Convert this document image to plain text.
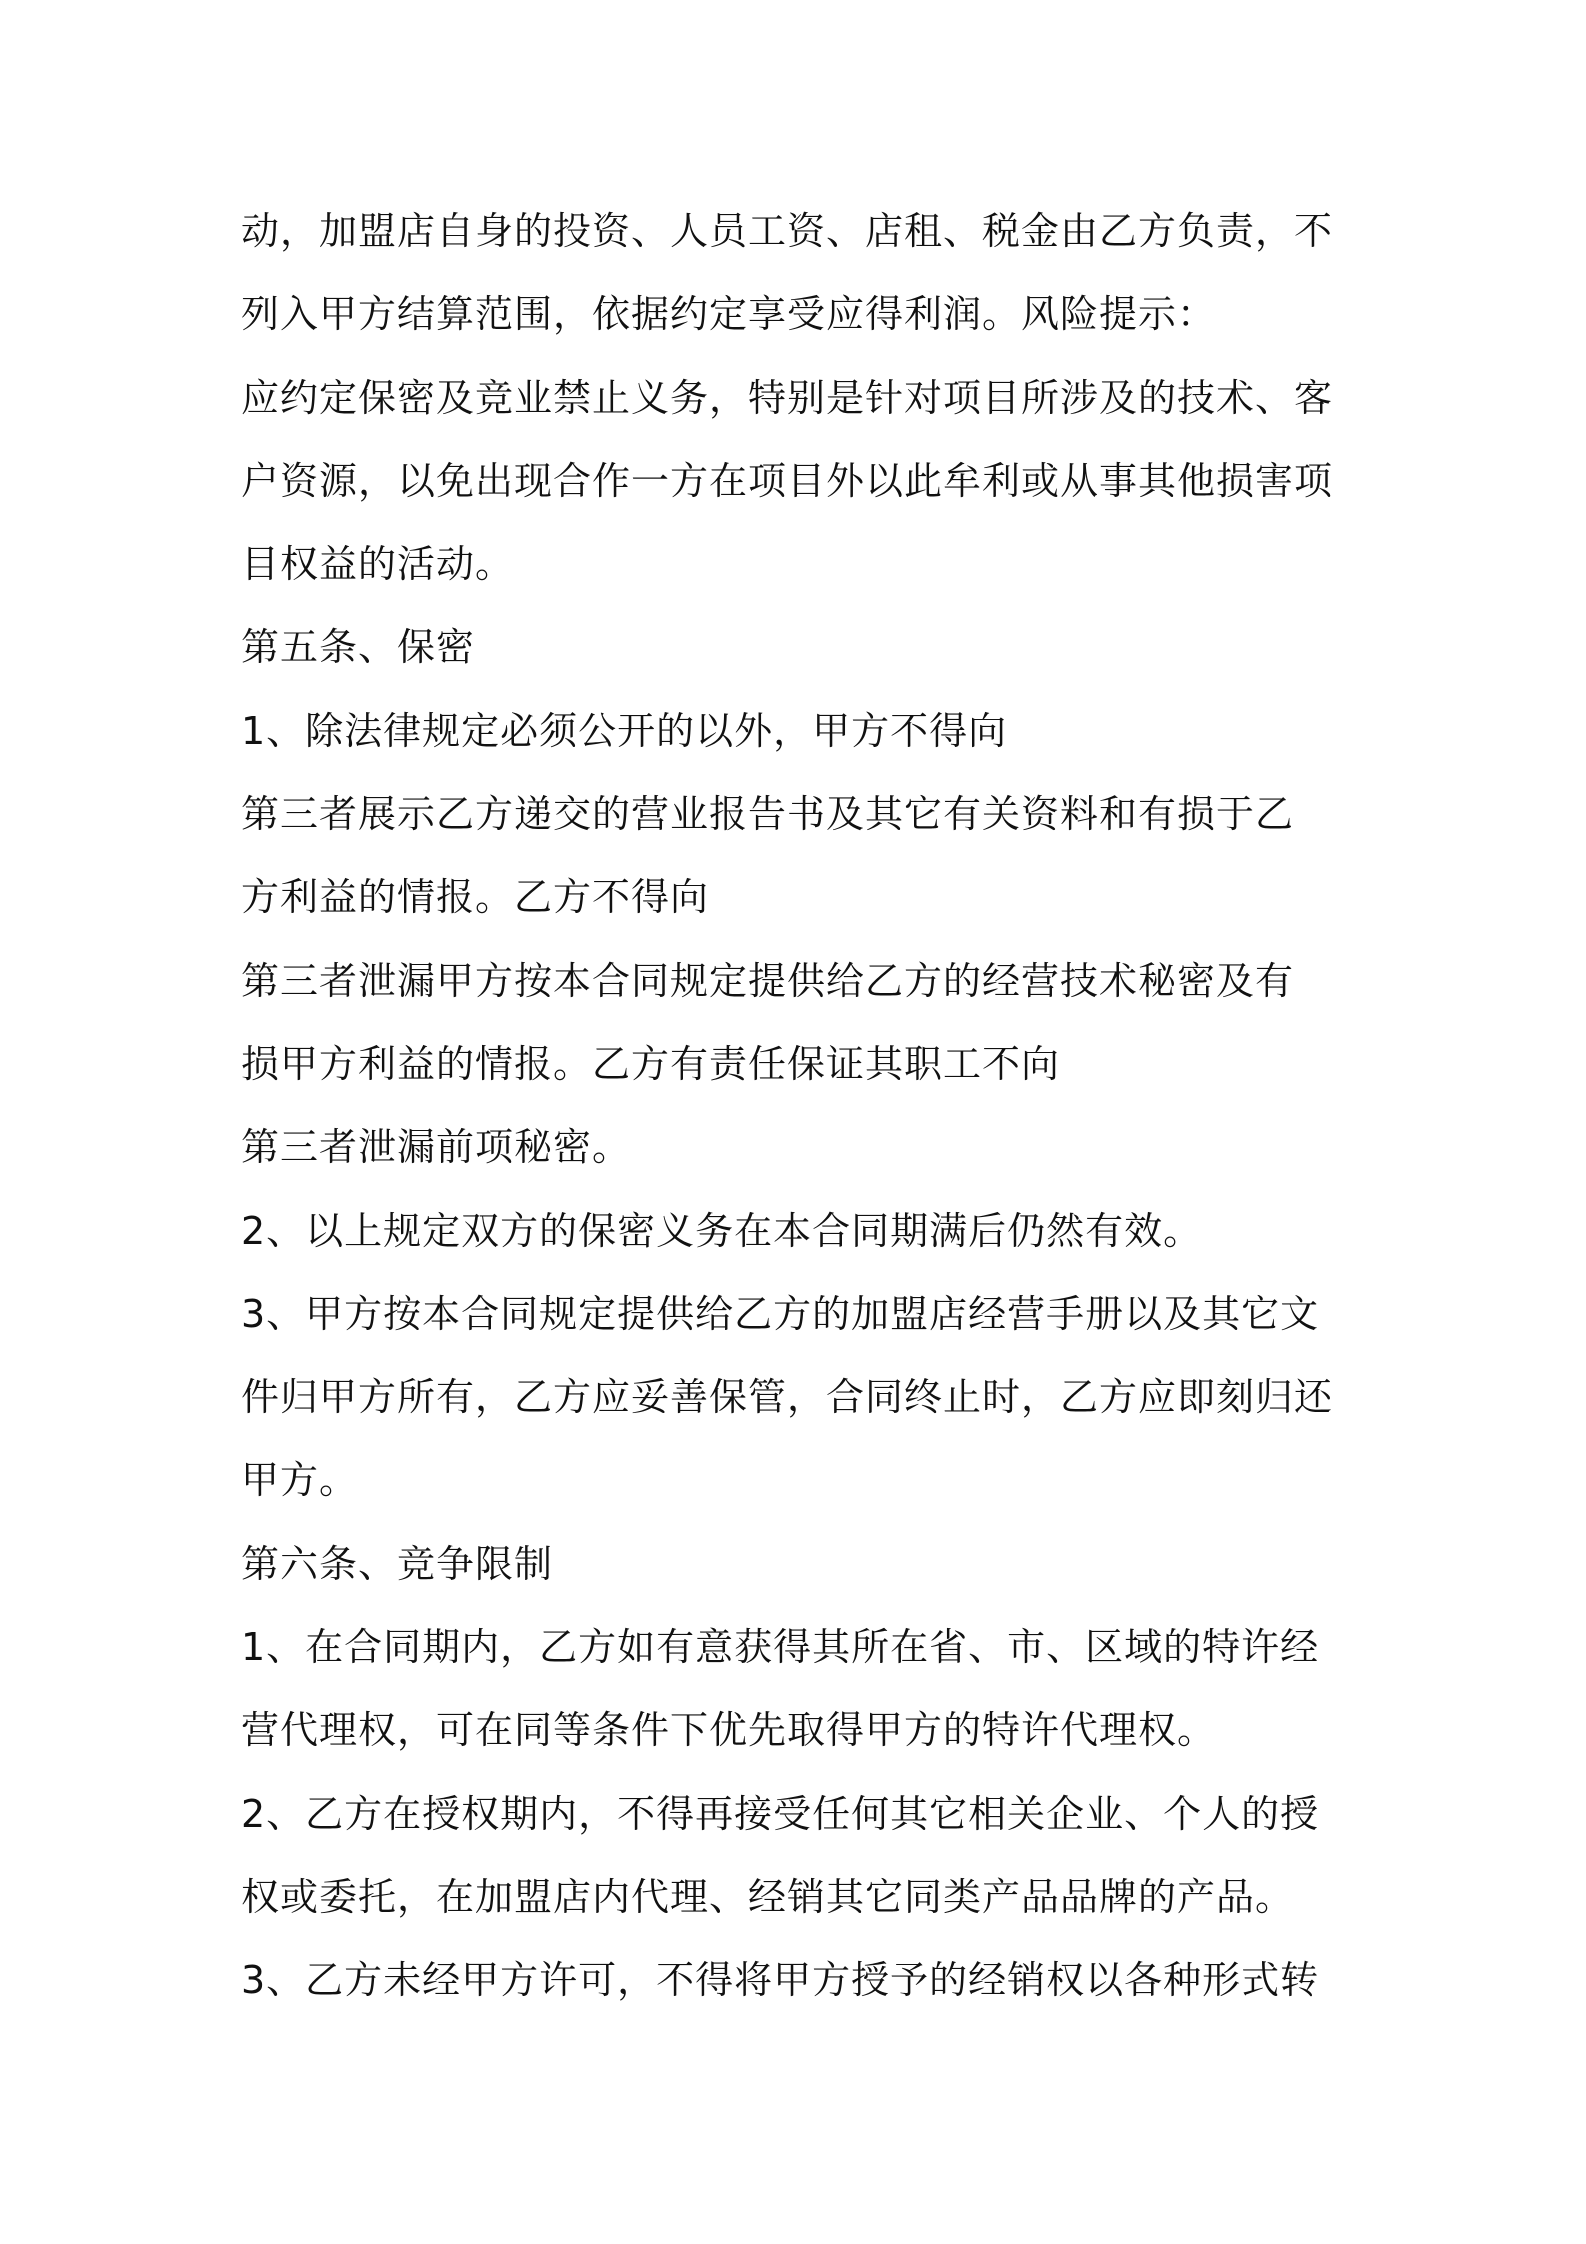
动，加盟店自身的投资、人员工资、店租、税金由乙方负责，不
列入甲方结算范围，依据约定享受应得利润。风险提示：
应约定保密及竞业禁止义务，特别是针对项目所涉及的技术、客
户资源，以免出现合作一方在项目外以此牟利或从事其他损害项
目权益的活动。
第五条、保密
1、除法律规定必须公开的以外，甲方不得向
第三者展示乙方递交的营业报告书及其它有关资料和有损于乙
方利益的情报。乙方不得向
第三者泄漏甲方按本合同规定提供给乙方的经营技术秘密及有
损甲方利益的情报。乙方有责任保证其职工不向
第三者泄漏前项秘密。
2、以上规定双方的保密义务在本合同期满后仍然有效。
3、甲方按本合同规定提供给乙方的加盟店经营手册以及其它文
件归甲方所有，乙方应妥善保管，合同终止时，乙方应即刻归还
甲方。
第六条、竞争限制
1、在合同期内，乙方如有意获得其所在省、市、区域的特许经
营代理权，可在同等条件下优先取得甲方的特许代理权。
2、乙方在授权期内，不得再接受任何其它相关企业、个人的授
权或委托，在加盟店内代理、经销其它同类产品品牌的产品。
3、乙方未经甲方许可，不得将甲方授予的经销权以各种形式转
